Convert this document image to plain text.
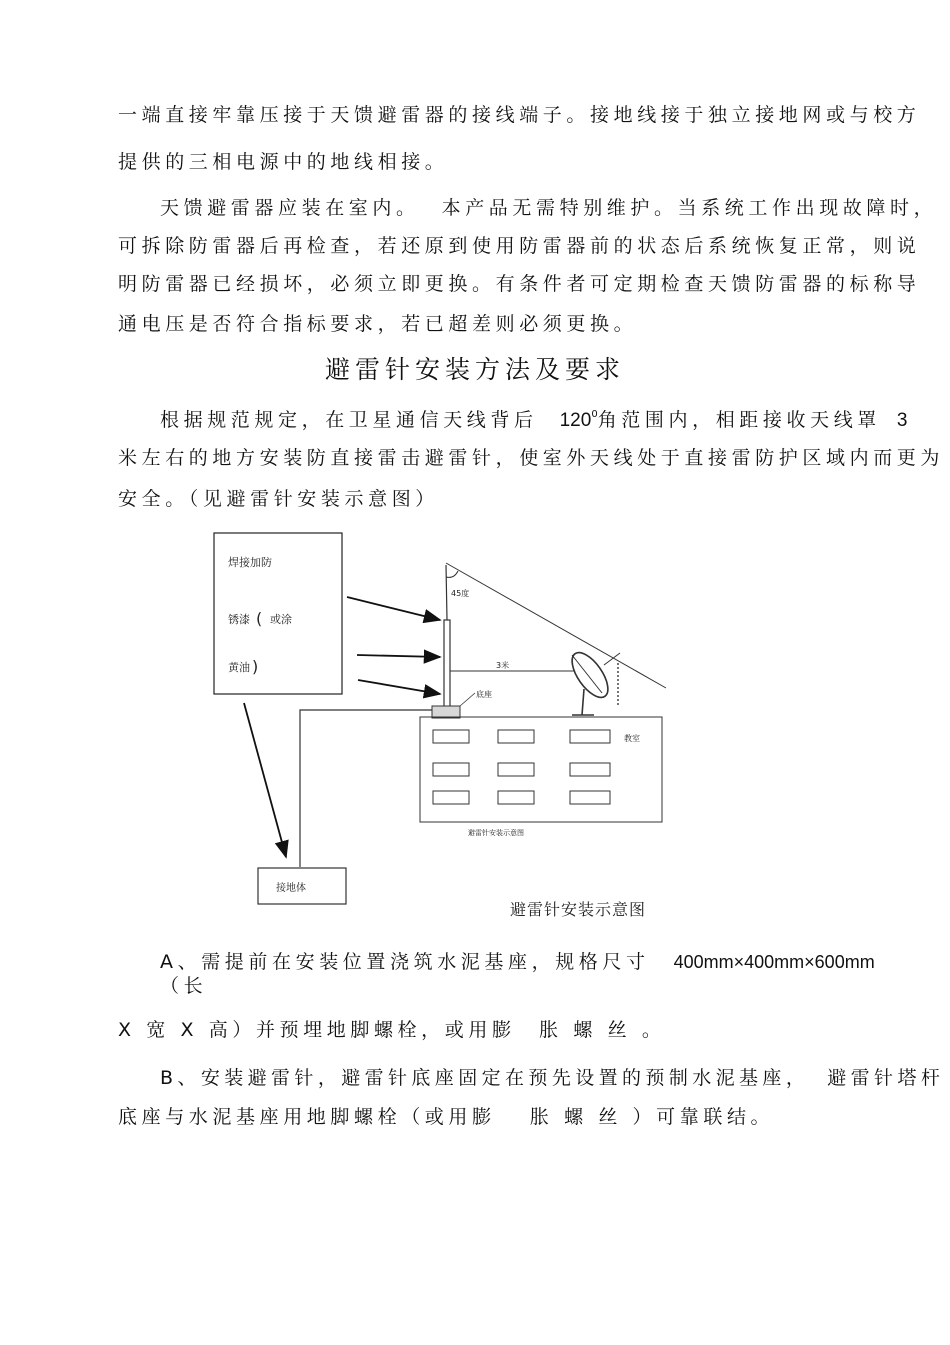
一端直接牢靠压接于天馈避雷器的接线端子。接地线接于独立接地网或与校方
提供的三相电源中的地线相接。
天馈避雷器应装在室内。 本产品无需特别维护。当系统工作出现故障时，
可拆除防雷器后再检查，若还原到使用防雷器前的状态后系统恢复正常，则说
明防雷器已经损坏，必须立即更换。有条件者可定期检查天馈防雷器的标称导
通电压是否符合指标要求，若已超差则必须更换。
避雷针安装方法及要求
根据规范规定，在卫星通信天线背后 $120^0$角范围内，相距接收天线罩 3
米左右的地方安装防直接雷击避雷针，使室外天线处于直接雷防护区域内而更为
安全。（见避雷针安装示意图）
焊接加防
锈漆 ( 或涂
黄油 )
45度
3米
底座
教室
避雷针安装示意图
接地体
避雷针安装示意图
A、需提前在安装位置浇筑水泥基座，规格尺寸 400mm×400mm×600mm
（长
X 宽 X 高）并预埋地脚螺栓，或用膨　胀 螺 丝 。
B、安装避雷针，避雷针底座固定在预先设置的预制水泥基座， 避雷针塔杆
底座与水泥基座用地脚螺栓（或用膨　 胀 螺 丝 ）可靠联结。
